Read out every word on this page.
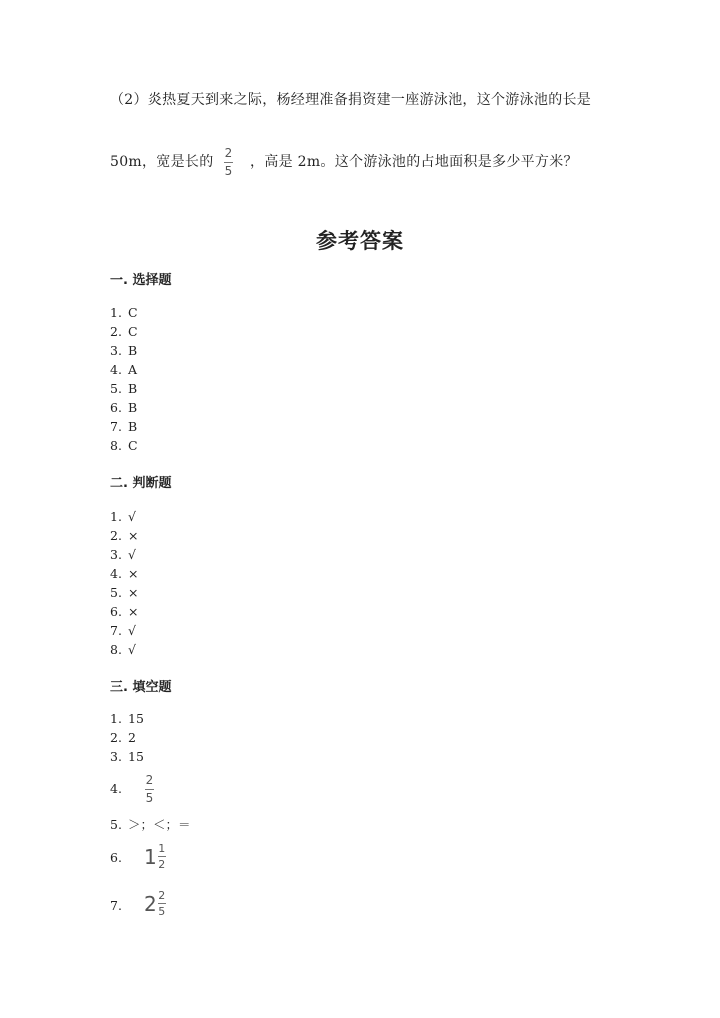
（2）炎热夏天到来之际，杨经理准备捐资建一座游泳池，这个游泳池的长是
50m，宽是长的
2
5
，高是 2m。这个游泳池的占地面积是多少平方米？
参考答案
一. 选择题
1. C
2. C
3. B
4. A
5. B
6. B
7. B
8. C
二. 判断题
1. √
2. ×
3. √
4. ×
5. ×
6. ×
7. √
8. √
三. 填空题
1. 15
2. 2
3. 15
4.
2
5
5. ＞；＜；＝
6. $1 \frac{1}{2}$
7. $2 \frac{2}{5}$
